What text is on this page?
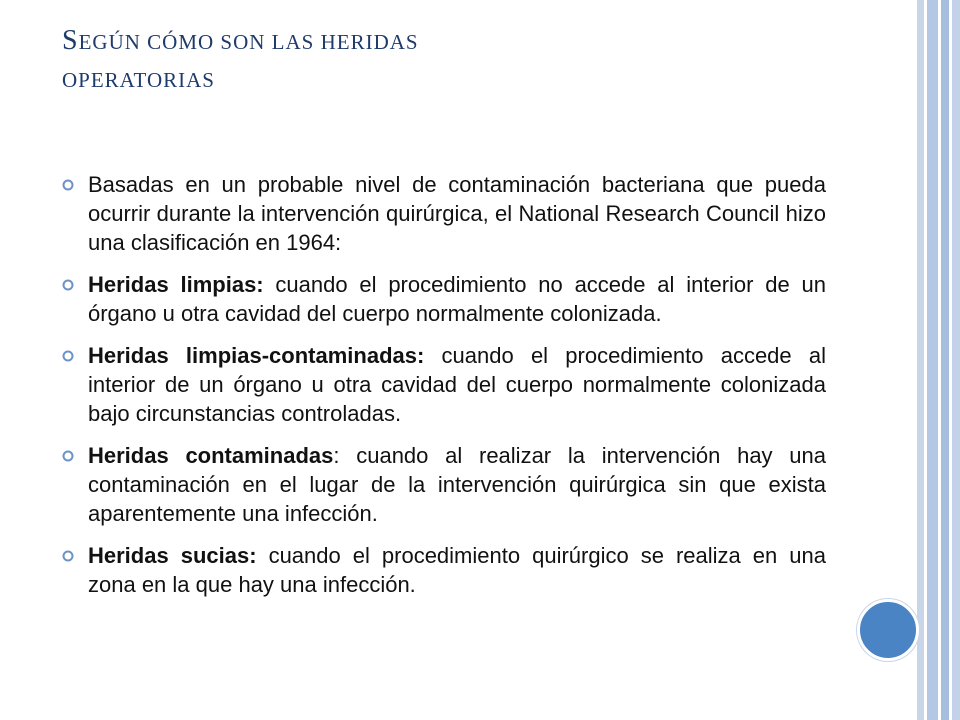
SEGÚN CÓMO SON LAS HERIDAS
OPERATORIAS
Basadas en un probable nivel de contaminación bacteriana que pueda ocurrir durante la intervención quirúrgica, el National Research Council hizo una clasificación en 1964:
Heridas limpias: cuando el procedimiento no accede al interior de un órgano u otra cavidad del cuerpo normalmente colonizada.
Heridas limpias-contaminadas: cuando el procedimiento accede al interior de un órgano u otra cavidad del cuerpo normalmente colonizada bajo circunstancias controladas.
Heridas contaminadas: cuando al realizar la intervención hay una contaminación en el lugar de la intervención quirúrgica sin que exista aparentemente una infección.
Heridas sucias: cuando el procedimiento quirúrgico se realiza en una zona en la que hay una infección.
